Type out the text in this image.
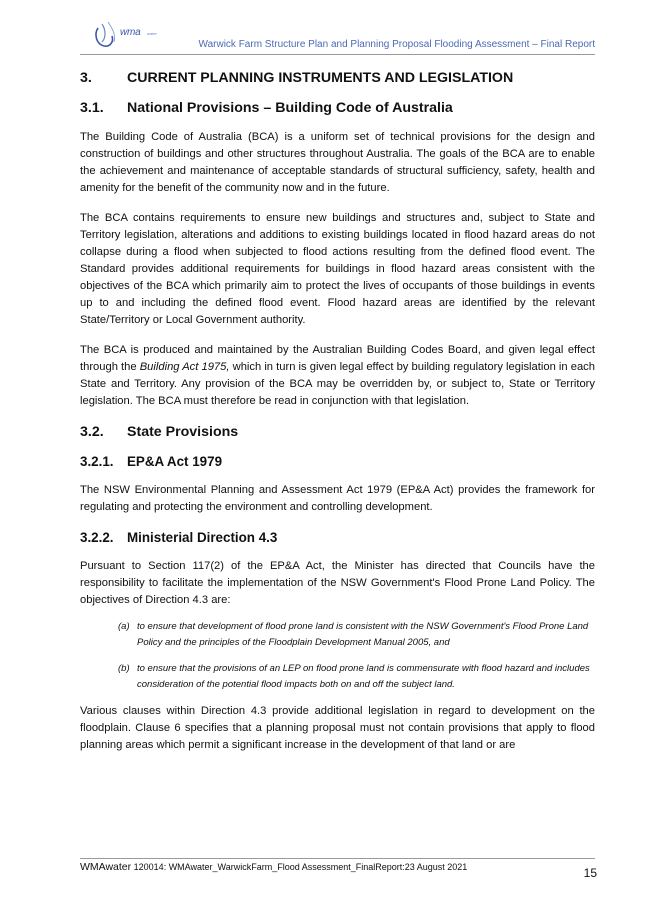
wma water
Warwick Farm Structure Plan and Planning Proposal Flooding Assessment – Final Report
3. CURRENT PLANNING INSTRUMENTS AND LEGISLATION
3.1. National Provisions – Building Code of Australia

The Building Code of Australia (BCA) is a uniform set of technical provisions for the design and construction of buildings and other structures throughout Australia. The goals of the BCA are to enable the achievement and maintenance of acceptable standards of structural sufficiency, safety, health and amenity for the benefit of the community now and in the future.

The BCA contains requirements to ensure new buildings and structures and, subject to State and Territory legislation, alterations and additions to existing buildings located in flood hazard areas do not collapse during a flood when subjected to flood actions resulting from the defined flood event. The Standard provides additional requirements for buildings in flood hazard areas consistent with the objectives of the BCA which primarily aim to protect the lives of occupants of those buildings in events up to and including the defined flood event. Flood hazard areas are identified by the relevant State/Territory or Local Government authority.

The BCA is produced and maintained by the Australian Building Codes Board, and given legal effect through the Building Act 1975, which in turn is given legal effect by building regulatory legislation in each State and Territory. Any provision of the BCA may be overridden by, or subject to, State or Territory legislation. The BCA must therefore be read in conjunction with that legislation.

3.2. State Provisions
3.2.1. EP&A Act 1979

The NSW Environmental Planning and Assessment Act 1979 (EP&A Act) provides the framework for regulating and protecting the environment and controlling development.

3.2.2. Ministerial Direction 4.3

Pursuant to Section 117(2) of the EP&A Act, the Minister has directed that Councils have the responsibility to facilitate the implementation of the NSW Government's Flood Prone Land Policy. The objectives of Direction 4.3 are:

(a) to ensure that development of flood prone land is consistent with the NSW Government's Flood Prone Land Policy and the principles of the Floodplain Development Manual 2005, and
(b) to ensure that the provisions of an LEP on flood prone land is commensurate with flood hazard and includes consideration of the potential flood impacts both on and off the subject land.

Various clauses within Direction 4.3 provide additional legislation in regard to development on the floodplain. Clause 6 specifies that a planning proposal must not contain provisions that apply to flood planning areas which permit a significant increase in the development of that land or are

WMAwater 120014: WMAwater_WarwickFarm_Flood Assessment_FinalReport:23 August 2021	15
